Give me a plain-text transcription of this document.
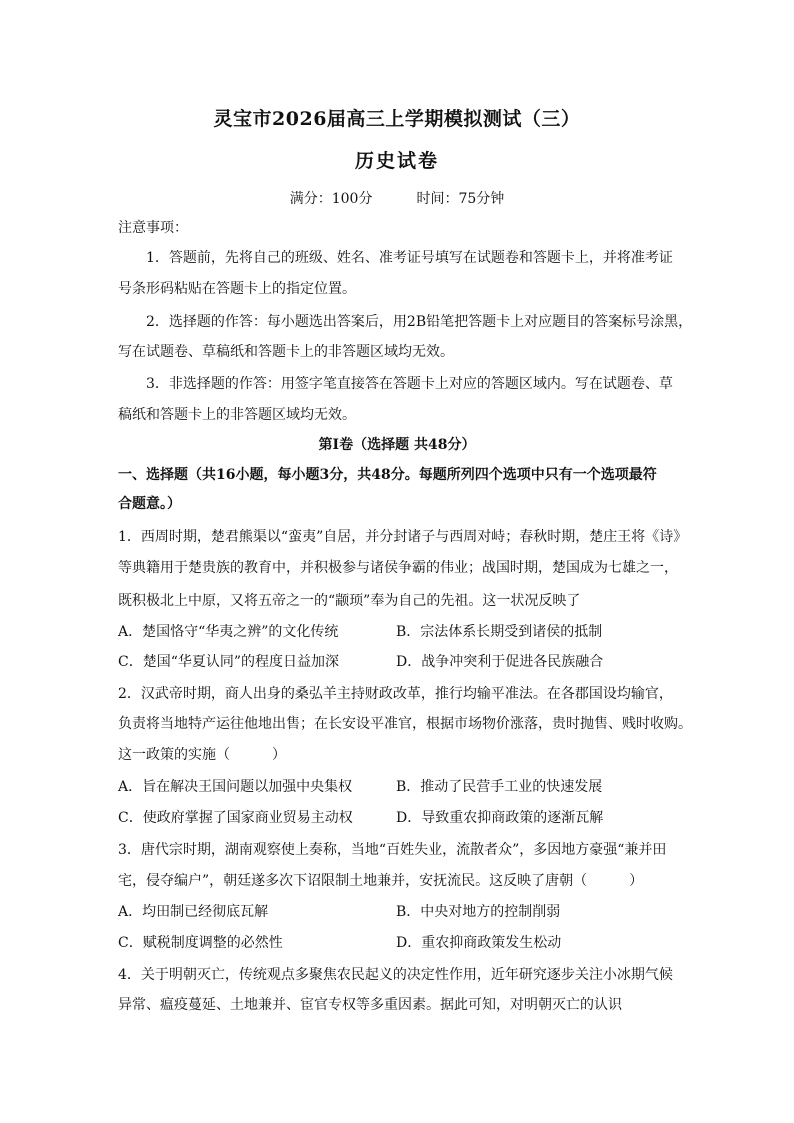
灵宝市2026届高三上学期模拟测试（三）
历史试卷
满分：100分	时间：75分钟
注意事项：
1．答题前，先将自己的班级、姓名、准考证号填写在试题卷和答题卡上，并将准考证
号条形码粘贴在答题卡上的指定位置。
2．选择题的作答：每小题选出答案后，用2B铅笔把答题卡上对应题目的答案标号涂黑，
写在试题卷、草稿纸和答题卡上的非答题区域均无效。
3．非选择题的作答：用签字笔直接答在答题卡上对应的答题区域内。写在试题卷、草
稿纸和答题卡上的非答题区域均无效。
第Ⅰ卷（选择题 共48分）
一、选择题（共16小题，每小题3分，共48分。每题所列四个选项中只有一个选项最符
合题意。）
1．西周时期，楚君熊渠以“蛮夷”自居，并分封诸子与西周对峙；春秋时期，楚庄王将《诗》
等典籍用于楚贵族的教育中，并积极参与诸侯争霸的伟业；战国时期，楚国成为七雄之一，
既积极北上中原，又将五帝之一的“颛顼”奉为自己的先祖。这一状况反映了
A．楚国恪守“华夷之辨”的文化传统	B．宗法体系长期受到诸侯的抵制
C．楚国“华夏认同”的程度日益加深	D．战争冲突利于促进各民族融合
2．汉武帝时期，商人出身的桑弘羊主持财政改革，推行均输平准法。在各郡国设均输官，
负责将当地特产运往他地出售；在长安设平准官，根据市场物价涨落，贵时抛售、贱时收购。
这一政策的实施（　　　）
A．旨在解决王国问题以加强中央集权	B．推动了民营手工业的快速发展
C．使政府掌握了国家商业贸易主动权	D．导致重农抑商政策的逐渐瓦解
3．唐代宗时期，湖南观察使上奏称，当地“百姓失业，流散者众”，多因地方豪强“兼并田
宅，侵夺编户”，朝廷遂多次下诏限制土地兼并，安抚流民。这反映了唐朝（　　　）
A．均田制已经彻底瓦解	B．中央对地方的控制削弱
C．赋税制度调整的必然性	D．重农抑商政策发生松动
4．关于明朝灭亡，传统观点多聚焦农民起义的决定性作用，近年研究逐步关注小冰期气候
异常、瘟疫蔓延、土地兼并、宦官专权等多重因素。据此可知，对明朝灭亡的认识
